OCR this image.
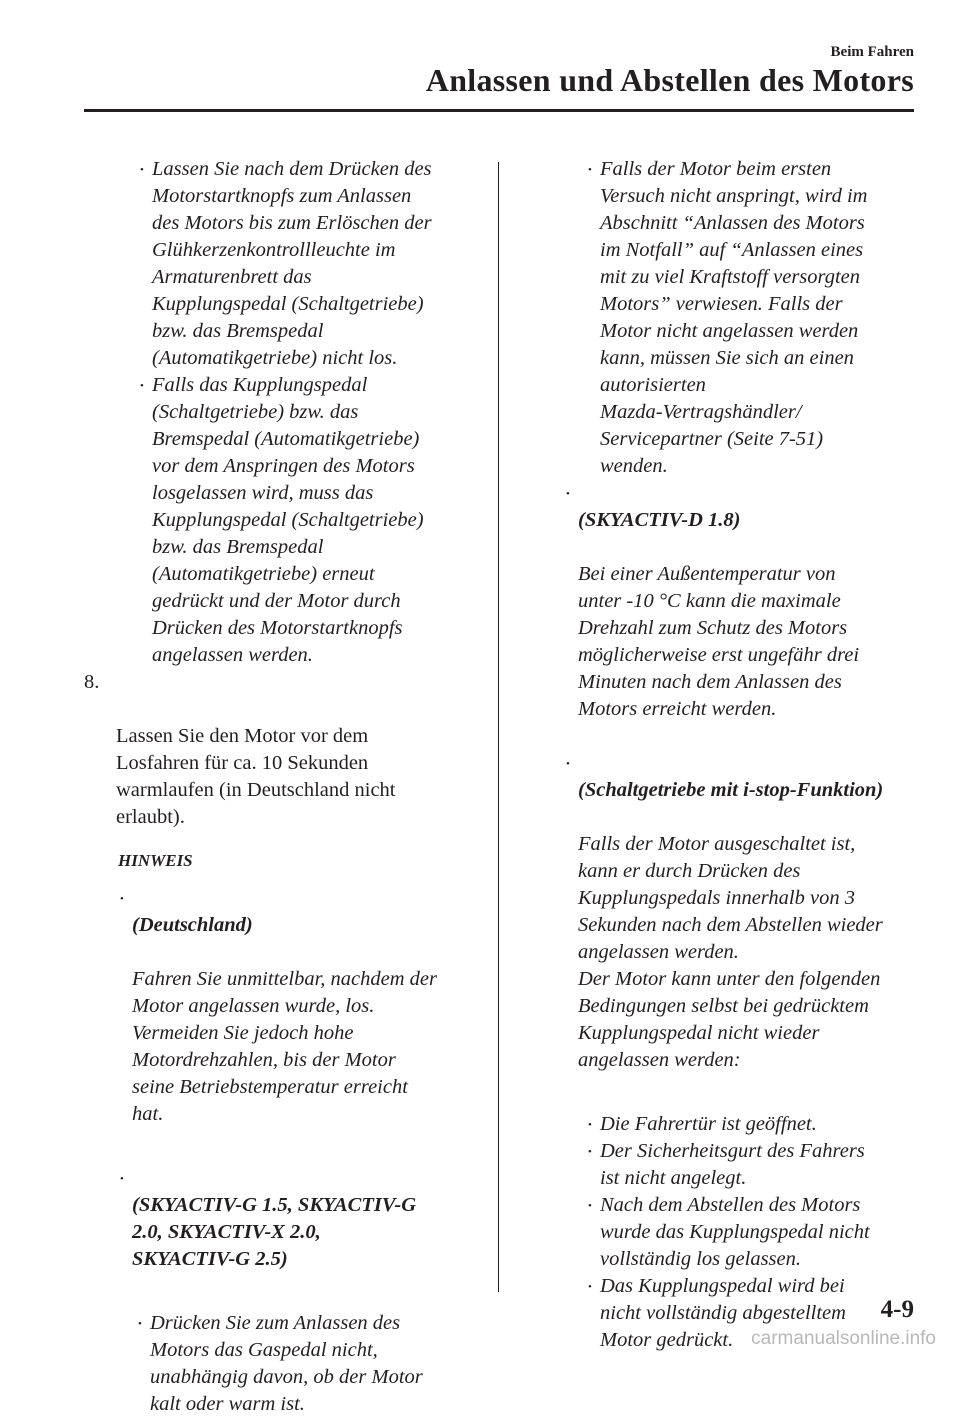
Beim Fahren
Anlassen und Abstellen des Motors
• Lassen Sie nach dem Drücken des
Motorstartknopfs zum Anlassen
des Motors bis zum Erlöschen der
Glühkerzenkontrollleuchte im
Armaturenbrett das
Kupplungspedal (Schaltgetriebe)
bzw. das Bremspedal
(Automatikgetriebe) nicht los.
• Falls das Kupplungspedal
(Schaltgetriebe) bzw. das
Bremspedal (Automatikgetriebe)
vor dem Anspringen des Motors
losgelassen wird, muss das
Kupplungspedal (Schaltgetriebe)
bzw. das Bremspedal
(Automatikgetriebe) erneut
gedrückt und der Motor durch
Drücken des Motorstartknopfs
angelassen werden.

8.

Lassen Sie den Motor vor dem
Losfahren für ca. 10 Sekunden
warmlaufen (in Deutschland nicht
erlaubt).

HINWEIS

• (Deutschland)

Fahren Sie unmittelbar, nachdem der
Motor angelassen wurde, los.
Vermeiden Sie jedoch hohe
Motordrehzahlen, bis der Motor
seine Betriebstemperatur erreicht
hat.

• (SKYACTIV-G 1.5, SKYACTIV-G
2.0, SKYACTIV-X 2.0,
SKYACTIV-G 2.5)

• Drücken Sie zum Anlassen des
Motors das Gaspedal nicht,
unabhängig davon, ob der Motor
kalt oder warm ist.
• Falls der Motor beim ersten
Versuch nicht anspringt, wird im
Abschnitt “Anlassen des Motors
im Notfall” auf “Anlassen eines
mit zu viel Kraftstoff versorgten
Motors” verwiesen. Falls der
Motor nicht angelassen werden
kann, müssen Sie sich an einen
autorisierten
Mazda-Vertragshändler/
Servicepartner (Seite 7-51)
wenden.

• (SKYACTIV-D 1.8)

Bei einer Außentemperatur von
unter -10 °C kann die maximale
Drehzahl zum Schutz des Motors
möglicherweise erst ungefähr drei
Minuten nach dem Anlassen des
Motors erreicht werden.

• (Schaltgetriebe mit i-stop-Funktion)

Falls der Motor ausgeschaltet ist,
kann er durch Drücken des
Kupplungspedals innerhalb von 3
Sekunden nach dem Abstellen wieder
angelassen werden.
Der Motor kann unter den folgenden
Bedingungen selbst bei gedrücktem
Kupplungspedal nicht wieder
angelassen werden:

• Die Fahrertür ist geöffnet.
• Der Sicherheitsgurt des Fahrers
ist nicht angelegt.
• Nach dem Abstellen des Motors
wurde das Kupplungspedal nicht
vollständig los gelassen.
• Das Kupplungspedal wird bei
nicht vollständig abgestelltem
Motor gedrückt.
4-9
carmanualsonline.info
